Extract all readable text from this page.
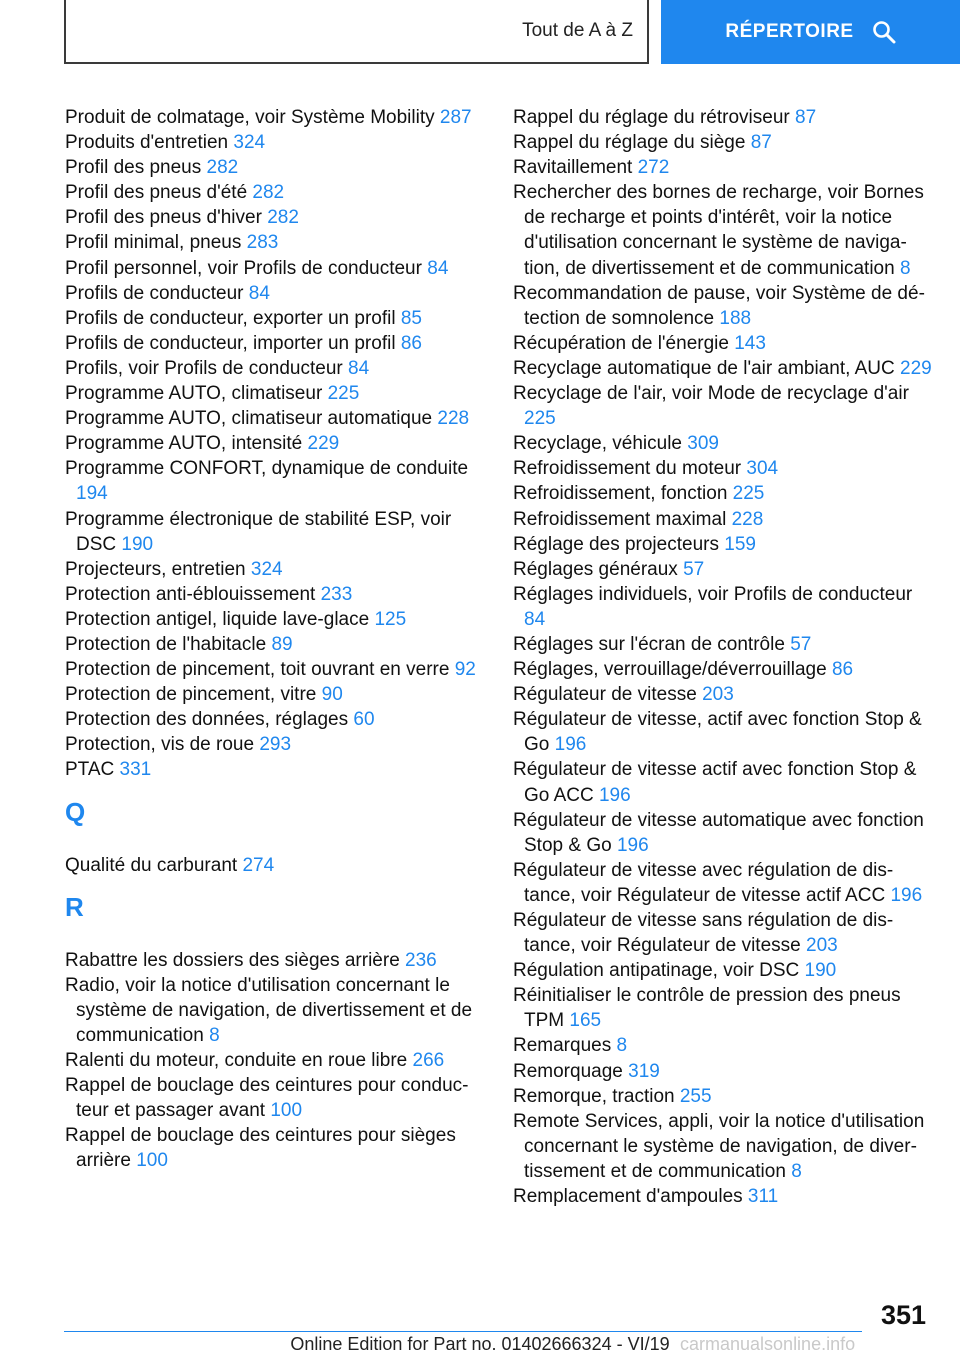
Tout de A à Z	RÉPERTOIRE

Produit de colmatage, voir Système Mobility 287

Produits d'entretien 324

Profil des pneus 282

Profil des pneus d'été 282

Profil des pneus d'hiver 282

Profil minimal, pneus 283

Profil personnel, voir Profils de conducteur 84

Profils de conducteur 84

Profils de conducteur, exporter un profil 85

Profils de conducteur, importer un profil 86

Profils, voir Profils de conducteur 84

Programme AUTO, climatiseur 225

Programme AUTO, climatiseur automatique 228

Programme AUTO, intensité 229

Programme CONFORT, dynamique de conduite 194

Programme électronique de stabilité ESP, voir DSC 190

Projecteurs, entretien 324

Protection anti-éblouissement 233

Protection antigel, liquide lave-glace 125

Protection de l'habitacle 89

Protection de pincement, toit ouvrant en verre 92

Protection de pincement, vitre 90

Protection des données, réglages 60

Protection, vis de roue 293

PTAC 331

Q

Qualité du carburant 274

R

Rabattre les dossiers des sièges arrière 236

Radio, voir la notice d'utilisation concernant le système de navigation, de divertissement et de communication 8

Ralenti du moteur, conduite en roue libre 266

Rappel de bouclage des ceintures pour conducteur et passager avant 100

Rappel de bouclage des ceintures pour sièges arrière 100

Rappel du réglage du rétroviseur 87

Rappel du réglage du siège 87

Ravitaillement 272

Rechercher des bornes de recharge, voir Bornes de recharge et points d'intérêt, voir la notice d'utilisation concernant le système de navigation, de divertissement et de communication 8

Recommandation de pause, voir Système de détection de somnolence 188

Récupération de l'énergie 143

Recyclage automatique de l'air ambiant, AUC 229

Recyclage de l'air, voir Mode de recyclage d'air 225

Recyclage, véhicule 309

Refroidissement du moteur 304

Refroidissement, fonction 225

Refroidissement maximal 228

Réglage des projecteurs 159

Réglages généraux 57

Réglages individuels, voir Profils de conducteur 84

Réglages sur l'écran de contrôle 57

Réglages, verrouillage/déverrouillage 86

Régulateur de vitesse 203

Régulateur de vitesse, actif avec fonction Stop & Go 196

Régulateur de vitesse actif avec fonction Stop & Go ACC 196

Régulateur de vitesse automatique avec fonction Stop & Go 196

Régulateur de vitesse avec régulation de distance, voir Régulateur de vitesse actif ACC 196

Régulateur de vitesse sans régulation de distance, voir Régulateur de vitesse 203

Régulation antipatinage, voir DSC 190

Réinitialiser le contrôle de pression des pneus TPM 165

Remarques 8

Remorquage 319

Remorque, traction 255

Remote Services, appli, voir la notice d'utilisation concernant le système de navigation, de divertissement et de communication 8

Remplacement d'ampoules 311

351
Online Edition for Part no. 01402666324 - VI/19 carmanualsonline.info
